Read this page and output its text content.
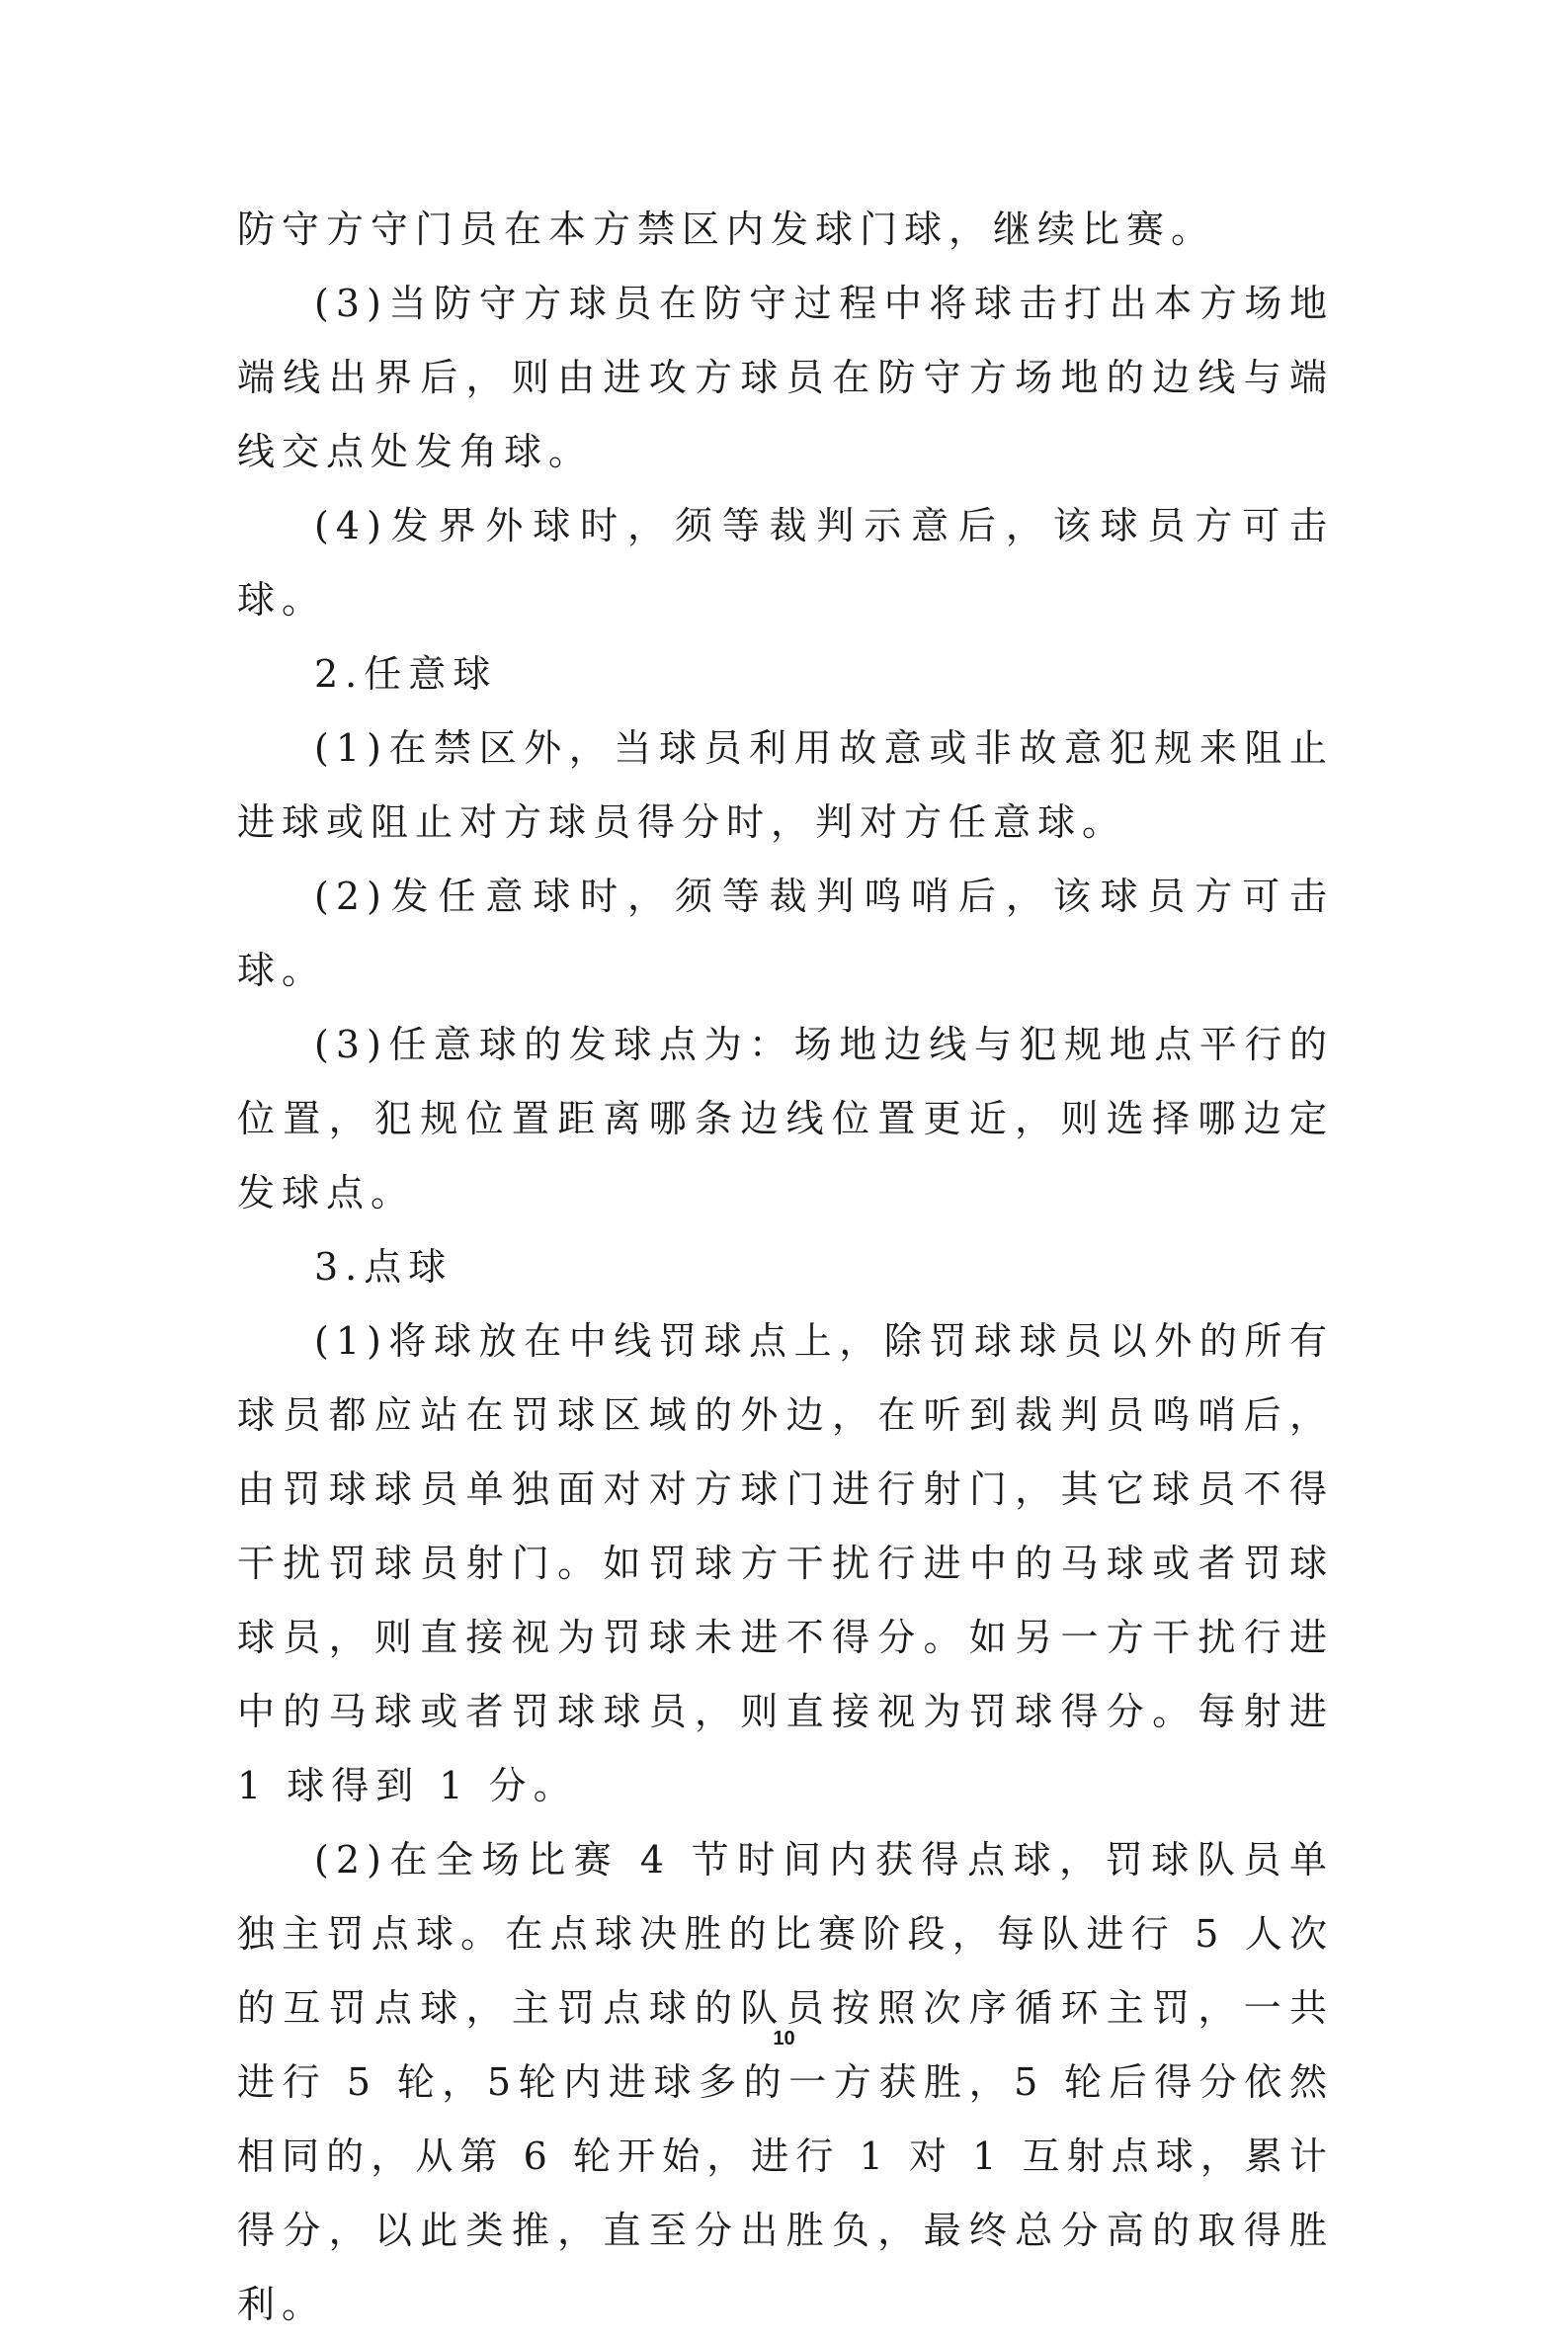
防守方守门员在本方禁区内发球门球，继续比赛。

(3)当防守方球员在防守过程中将球击打出本方场地端线出界后，则由进攻方球员在防守方场地的边线与端线交点处发角球。

(4)发界外球时，须等裁判示意后，该球员方可击球。

2.任意球

(1)在禁区外，当球员利用故意或非故意犯规来阻止进球或阻止对方球员得分时，判对方任意球。

(2)发任意球时，须等裁判鸣哨后，该球员方可击球。

(3)任意球的发球点为：场地边线与犯规地点平行的位置，犯规位置距离哪条边线位置更近，则选择哪边定发球点。

3.点球

(1)将球放在中线罚球点上，除罚球球员以外的所有球员都应站在罚球区域的外边，在听到裁判员鸣哨后，由罚球球员单独面对对方球门进行射门，其它球员不得干扰罚球员射门。如罚球方干扰行进中的马球或者罚球球员，则直接视为罚球未进不得分。如另一方干扰行进中的马球或者罚球球员，则直接视为罚球得分。每射进 1 球得到 1 分。

(2)在全场比赛 4 节时间内获得点球，罚球队员单独主罚点球。在点球决胜的比赛阶段，每队进行 5 人次的互罚点球，主罚点球的队员按照次序循环主罚，一共进行 5 轮，5轮内进球多的一方获胜，5 轮后得分依然相同的，从第 6 轮开始，进行 1 对 1 互射点球，累计得分，以此类推，直至分出胜负，最终总分高的取得胜利。

10
